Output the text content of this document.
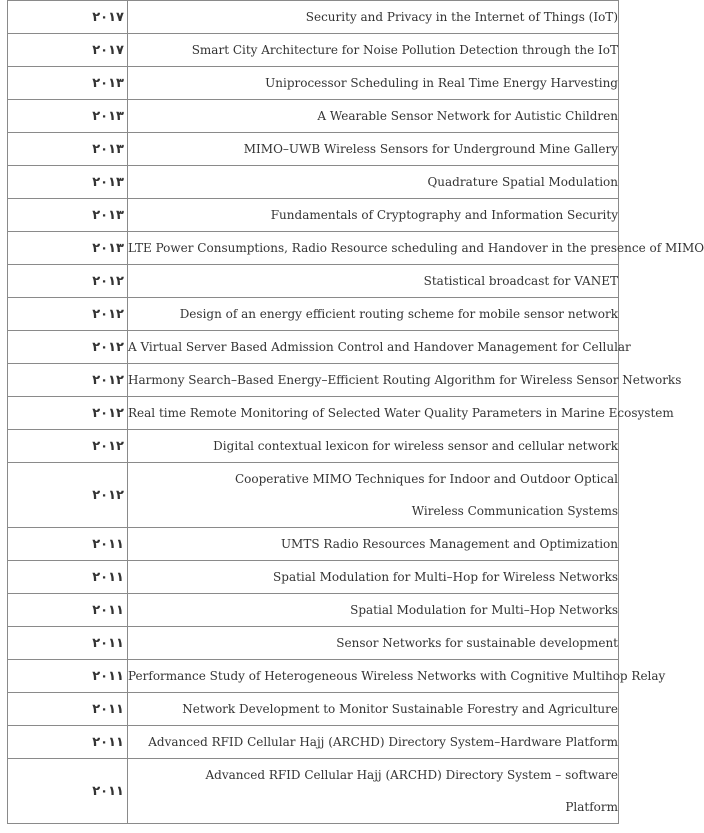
۲۰۱۷	Security and Privacy in the Internet of Things (IoT)

۲۰۱۷	Smart City Architecture for Noise Pollution Detection through the IoT

۲۰۱۳	Uniprocessor Scheduling in Real Time Energy Harvesting

۲۰۱۳	A Wearable Sensor Network for Autistic Children

۲۰۱۳	MIMO–UWB Wireless Sensors for Underground Mine Gallery

۲۰۱۳	Quadrature Spatial Modulation

۲۰۱۳	Fundamentals of Cryptography and Information Security

۲۰۱۳	LTE Power Consumptions, Radio Resource scheduling and Handover in the presence of MIMO

۲۰۱۲	Statistical broadcast for VANET

۲۰۱۲	Design of an energy efficient routing scheme for mobile sensor network

۲۰۱۲	A Virtual Server Based Admission Control and Handover Management for Cellular

۲۰۱۲	Harmony Search–Based Energy–Efficient Routing Algorithm for Wireless Sensor Networks

۲۰۱۲	Real time Remote Monitoring of Selected Water Quality Parameters in Marine Ecosystem

۲۰۱۲	Digital contextual lexicon for wireless sensor and cellular network

۲۰۱۲	Cooperative MIMO Techniques for Indoor and Outdoor Optical
Wireless Communication Systems

۲۰۱۱	UMTS Radio Resources Management and Optimization

۲۰۱۱	Spatial Modulation for Multi–Hop for Wireless Networks

۲۰۱۱	Spatial Modulation for Multi–Hop Networks

۲۰۱۱	Sensor Networks for sustainable development

۲۰۱۱	Performance Study of Heterogeneous Wireless Networks with Cognitive Multihop Relay

۲۰۱۱	Network Development to Monitor Sustainable Forestry and Agriculture

۲۰۱۱	Advanced RFID Cellular Hajj (ARCHD) Directory System–Hardware Platform

۲۰۱۱	Advanced RFID Cellular Hajj (ARCHD) Directory System – software
Platform
